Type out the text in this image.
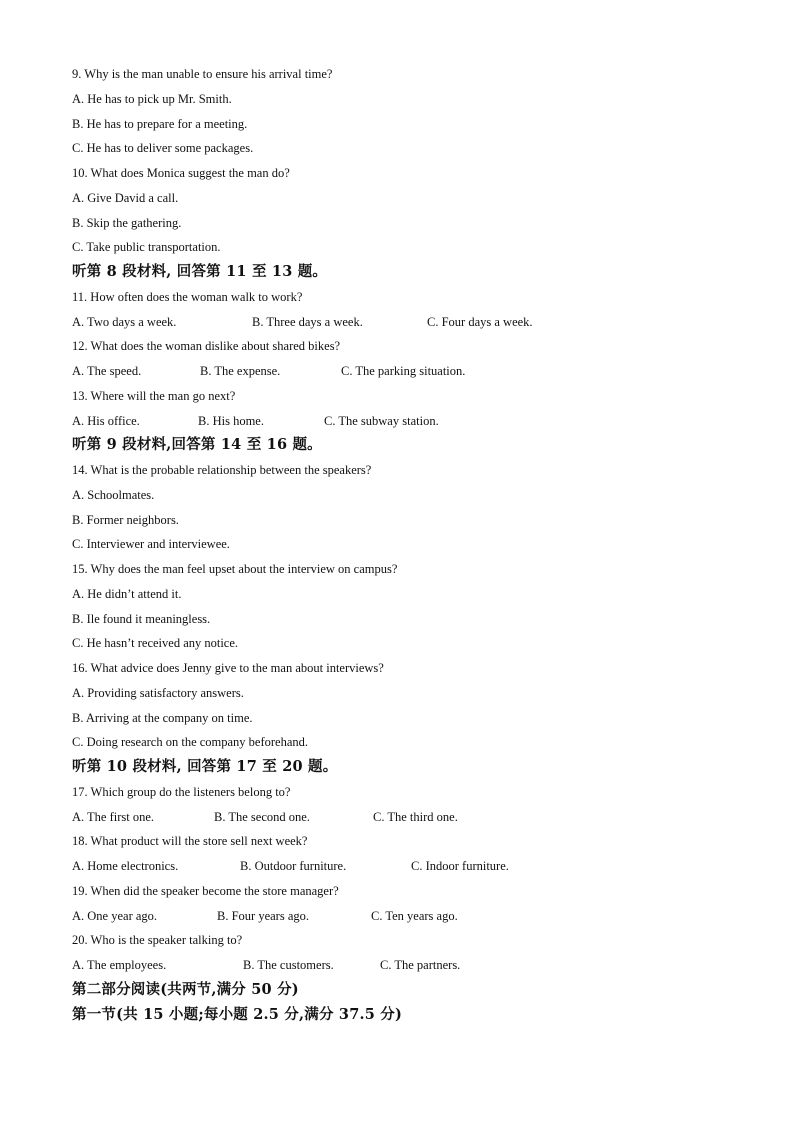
9. Why is the man unable to ensure his arrival time?
A. He has to pick up Mr. Smith.
B. He has to prepare for a meeting.
C. He has to deliver some packages.
10. What does Monica suggest the man do?
A. Give David a call.
B. Skip the gathering.
C. Take public transportation.
听第 8 段材料, 回答第 11 至 13 题。
11. How often does the woman walk to work?
A. Two days a week.	B. Three days a week.	C. Four days a week.
12. What does the woman dislike about shared bikes?
A. The speed.	B. The expense.	C. The parking situation.
13. Where will the man go next?
A. His office.	B. His home.	C. The subway station.
听第 9 段材料,回答第 14 至 16 题。
14. What is the probable relationship between the speakers?
A. Schoolmates.
B. Former neighbors.
C. Interviewer and interviewee.
15. Why does the man feel upset about the interview on campus?
A. He didn’t attend it.
B. Ile found it meaningless.
C. He hasn’t received any notice.
16. What advice does Jenny give to the man about interviews?
A. Providing satisfactory answers.
B. Arriving at the company on time.
C. Doing research on the company beforehand.
听第 10 段材料, 回答第 17 至 20 题。
17. Which group do the listeners belong to?
A. The first one.	B. The second one.	C. The third one.
18. What product will the store sell next week?
A. Home electronics.	B. Outdoor furniture.	C. Indoor furniture.
19. When did the speaker become the store manager?
A. One year ago.	B. Four years ago.	C. Ten years ago.
20. Who is the speaker talking to?
A. The employees.	B. The customers.	C. The partners.
第二部分阅读(共两节,满分 50 分)
第一节(共 15 小题;每小题 2.5 分,满分 37.5 分)
